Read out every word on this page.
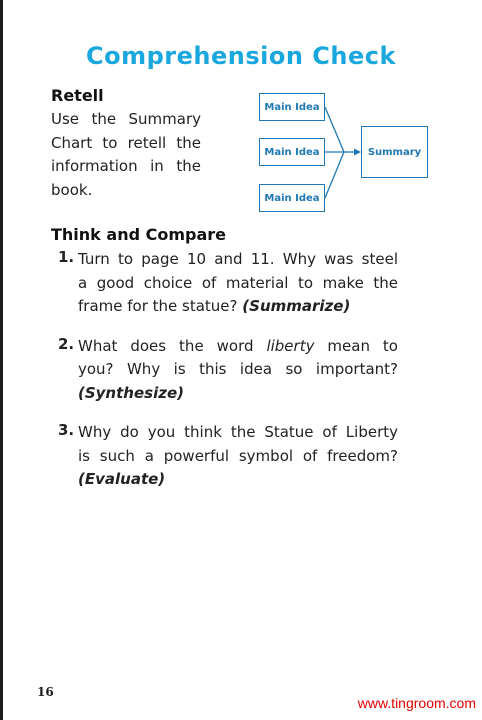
Comprehension Check
Retell
Use the Summary
Chart to retell the
information in the
book.
Main Idea
Main Idea
Main Idea
Summary
Think and Compare
1. Turn to page 10 and 11. Why was steel
a good choice of material to make the
frame for the statue? (Summarize)
2. What does the word liberty mean to
you? Why is this idea so important?
(Synthesize)
3. Why do you think the Statue of Liberty
is such a powerful symbol of freedom?
(Evaluate)
16
www.tingroom.com
